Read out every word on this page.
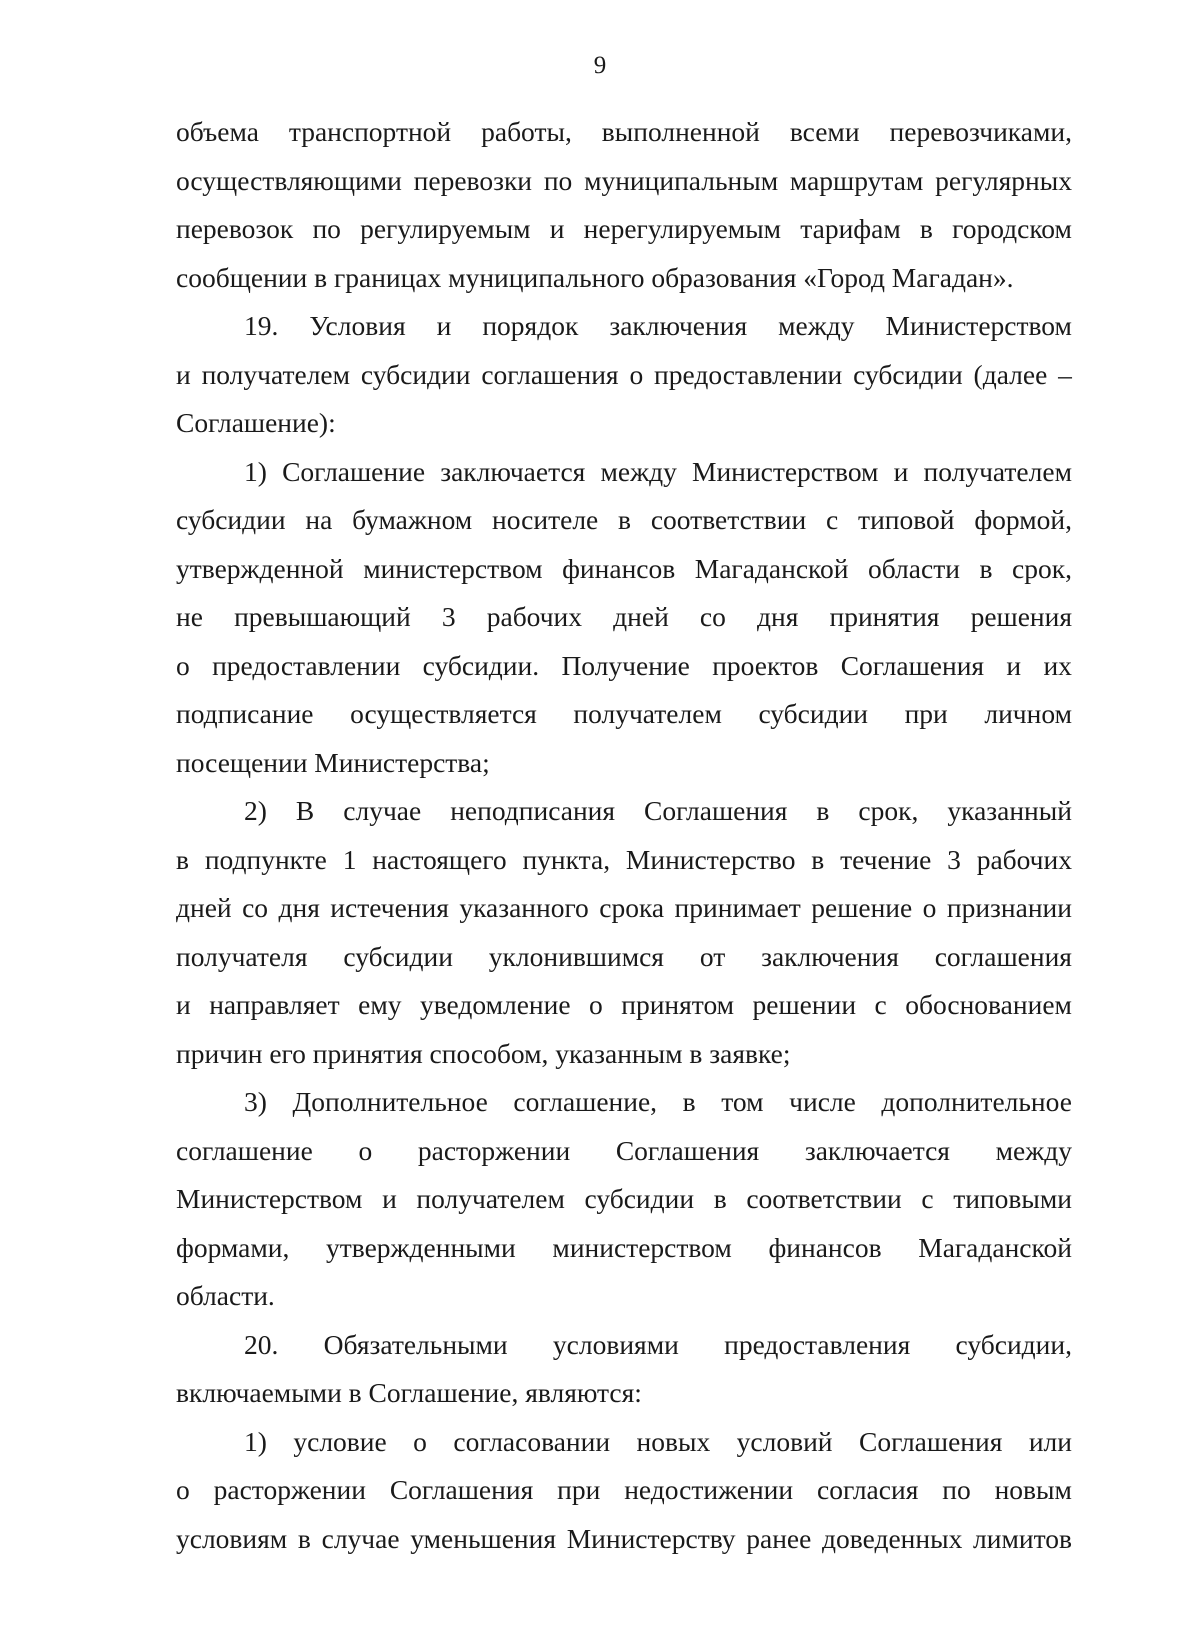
9

объема транспортной работы, выполненной всеми перевозчиками,
осуществляющими перевозки по муниципальным маршрутам регулярных
перевозок по регулируемым и нерегулируемым тарифам в городском
сообщении в границах муниципального образования «Город Магадан».

19. Условия и порядок заключения между Министерством
и получателем субсидии соглашения о предоставлении субсидии (далее –
Соглашение):

1) Соглашение заключается между Министерством и получателем
субсидии на бумажном носителе в соответствии с типовой формой,
утвержденной министерством финансов Магаданской области в срок,
не превышающий 3 рабочих дней со дня принятия решения
о предоставлении субсидии. Получение проектов Соглашения и их
подписание осуществляется получателем субсидии при личном
посещении Министерства;

2) В случае неподписания Соглашения в срок, указанный
в подпункте 1 настоящего пункта, Министерство в течение 3 рабочих
дней со дня истечения указанного срока принимает решение о признании
получателя субсидии уклонившимся от заключения соглашения
и направляет ему уведомление о принятом решении с обоснованием
причин его принятия способом, указанным в заявке;

3) Дополнительное соглашение, в том числе дополнительное
соглашение о расторжении Соглашения заключается между
Министерством и получателем субсидии в соответствии с типовыми
формами, утвержденными министерством финансов Магаданской
области.

20. Обязательными условиями предоставления субсидии,
включаемыми в Соглашение, являются:

1) условие о согласовании новых условий Соглашения или
о расторжении Соглашения при недостижении согласия по новым
условиям в случае уменьшения Министерству ранее доведенных лимитов
